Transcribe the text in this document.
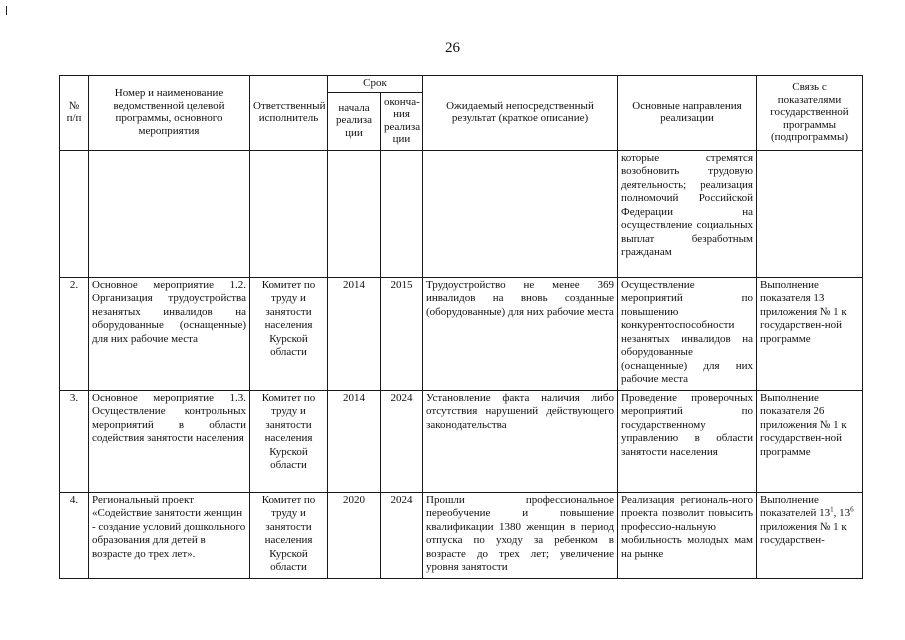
26
№
п/п	Номер и наименование ведомственной целевой программы, основного мероприятия	Ответственный исполнитель	Срок		Ожидаемый непосредственный результат (краткое описание)	Основные направления реализации	Связь с показателями государственной программы (подпрограммы)
			начала реализа ции	оконча-ния реализа ции			
						которые стремятся возобновить трудовую деятельность; реализация полномочий Российской Федерации на осуществление социальных выплат безработным гражданам	
2.	Основное мероприятие 1.2. Организация трудоустройства незанятых инвалидов на оборудованные (оснащенные) для них рабочие места	Комитет по труду и занятости населения Курской области	2014	2015	Трудоустройство не менее 369 инвалидов на вновь созданные (оборудованные) для них рабочие места	Осуществление мероприятий по повышению конкурентоспособности незанятых инвалидов на оборудованные (оснащенные) для них рабочие места	Выполнение показателя 13 приложения № 1 к государствен-ной программе
3.	Основное мероприятие 1.3. Осуществление контрольных мероприятий в области содействия занятости населения	Комитет по труду и занятости населения Курской области	2014	2024	Установление факта наличия либо отсутствия нарушений действующего законодательства	Проведение проверочных мероприятий по государственному управлению в области занятости населения	Выполнение показателя 26 приложения № 1 к государствен-ной программе
4.	Региональный проект «Содействие занятости женщин - создание условий дошкольного образования для детей в возрасте до трех лет».	Комитет по труду и занятости населения Курской области	2020	2024	Прошли профессиональное переобучение и повышение квалификации 1380 женщин в период отпуска по уходу за ребенком в возрасте до трех лет; увеличение уровня занятости	Реализация региональ-ного проекта позволит повысить профессио-нальную мобильность молодых мам на рынке	Выполнение показателей $13^1$, $13^6$ приложения № 1 к государствен-
